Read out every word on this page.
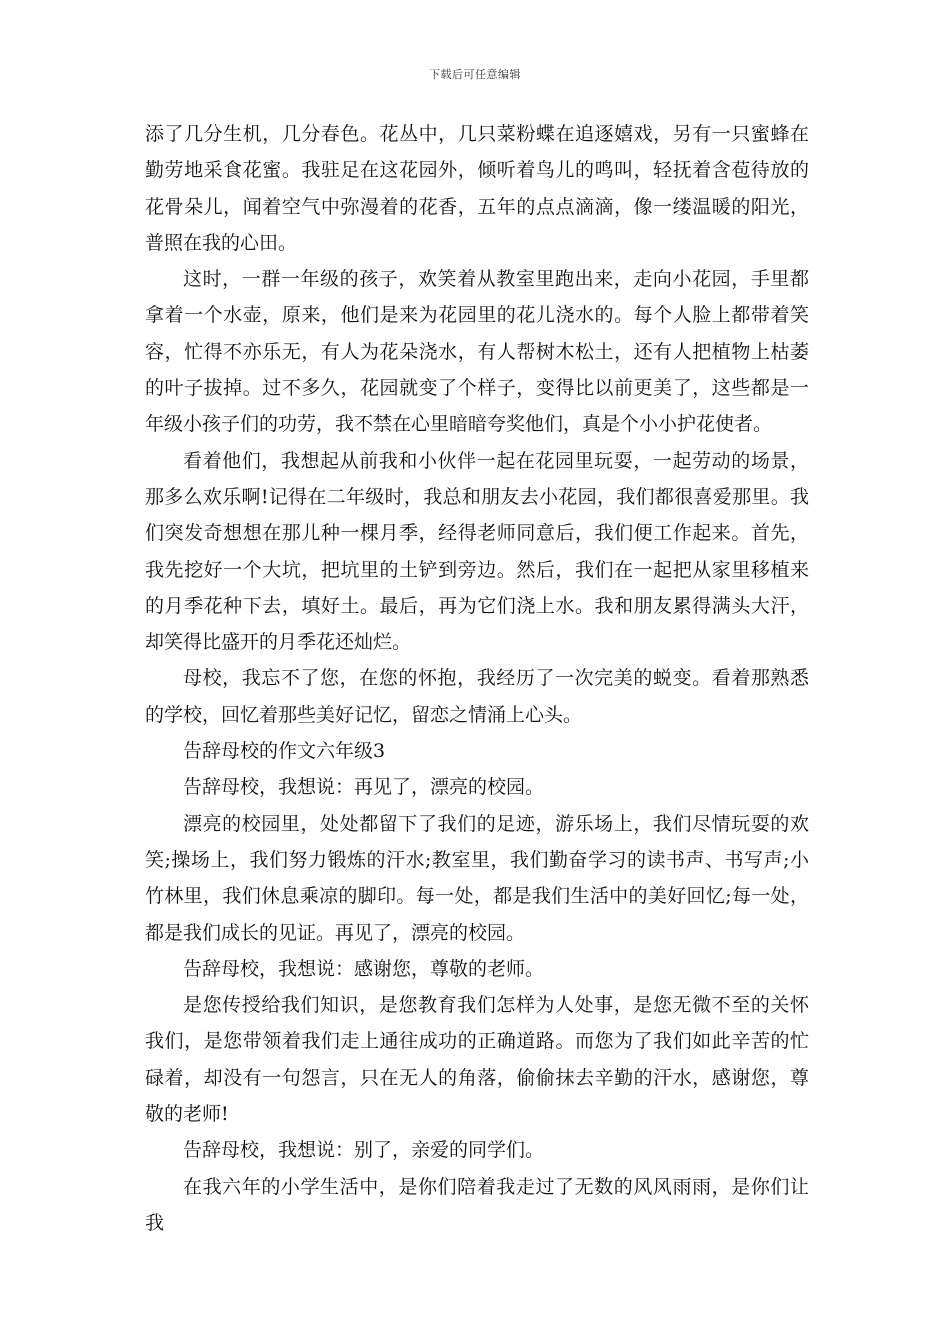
下载后可任意编辑

添了几分生机，几分春色。花丛中，几只菜粉蝶在追逐嬉戏，另有一只蜜蜂在勤劳地采食花蜜。我驻足在这花园外，倾听着鸟儿的鸣叫，轻抚着含苞待放的花骨朵儿，闻着空气中弥漫着的花香，五年的点点滴滴，像一缕温暖的阳光，普照在我的心田。

这时，一群一年级的孩子，欢笑着从教室里跑出来，走向小花园，手里都拿着一个水壶，原来，他们是来为花园里的花儿浇水的。每个人脸上都带着笑容，忙得不亦乐无，有人为花朵浇水，有人帮树木松土，还有人把植物上枯萎的叶子拔掉。过不多久，花园就变了个样子，变得比以前更美了，这些都是一年级小孩子们的功劳，我不禁在心里暗暗夸奖他们，真是个小小护花使者。

看着他们，我想起从前我和小伙伴一起在花园里玩耍，一起劳动的场景，那多么欢乐啊!记得在二年级时，我总和朋友去小花园，我们都很喜爱那里。我们突发奇想想在那儿种一棵月季，经得老师同意后，我们便工作起来。首先，我先挖好一个大坑，把坑里的土铲到旁边。然后，我们在一起把从家里移植来的月季花种下去，填好土。最后，再为它们浇上水。我和朋友累得满头大汗，却笑得比盛开的月季花还灿烂。

母校，我忘不了您，在您的怀抱，我经历了一次完美的蜕变。看着那熟悉的学校，回忆着那些美好记忆，留恋之情涌上心头。

告辞母校的作文六年级3

告辞母校，我想说：再见了，漂亮的校园。

漂亮的校园里，处处都留下了我们的足迹，游乐场上，我们尽情玩耍的欢笑;操场上，我们努力锻炼的汗水;教室里，我们勤奋学习的读书声、书写声;小竹林里，我们休息乘凉的脚印。每一处，都是我们生活中的美好回忆;每一处，都是我们成长的见证。再见了，漂亮的校园。

告辞母校，我想说：感谢您，尊敬的老师。

是您传授给我们知识，是您教育我们怎样为人处事，是您无微不至的关怀我们，是您带领着我们走上通往成功的正确道路。而您为了我们如此辛苦的忙碌着，却没有一句怨言，只在无人的角落，偷偷抹去辛勤的汗水，感谢您，尊敬的老师!

告辞母校，我想说：别了，亲爱的同学们。

在我六年的小学生活中，是你们陪着我走过了无数的风风雨雨，是你们让我
